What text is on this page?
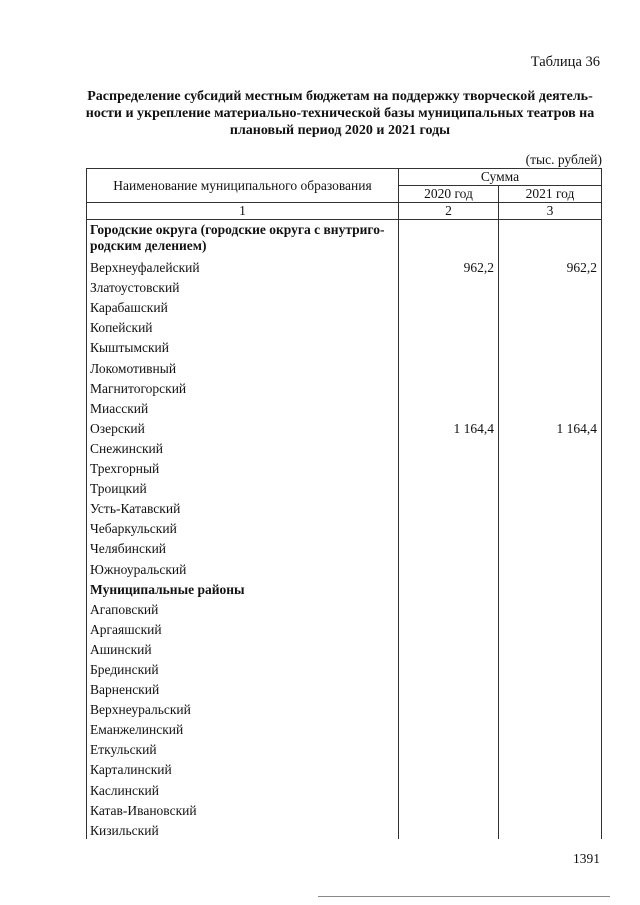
Таблица 36
Распределение субсидий местным бюджетам на поддержку творческой деятель-ности и укрепление материально-технической базы муниципальных театров на плановый период 2020 и 2021 годы
(тыс. рублей)
Наименование муниципального образования	Сумма	
	2020 год	2021 год
1	2	3
Городские округа (городские округа с внутриго-родским делением)		
Верхнеуфалейский	962,2	962,2
Златоустовский		
Карабашский		
Копейский		
Кыштымский		
Локомотивный		
Магнитогорский		
Миасский		
Озерский	1 164,4	1 164,4
Снежинский		
Трехгорный		
Троицкий		
Усть-Катавский		
Чебаркульский		
Челябинский		
Южноуральский		
Муниципальные районы		
Агаповский		
Аргаяшский		
Ашинский		
Брединский		
Варненский		
Верхнеуральский		
Еманжелинский		
Еткульский		
Карталинский		
Каслинский		
Катав-Ивановский		
Кизильский		
1391
